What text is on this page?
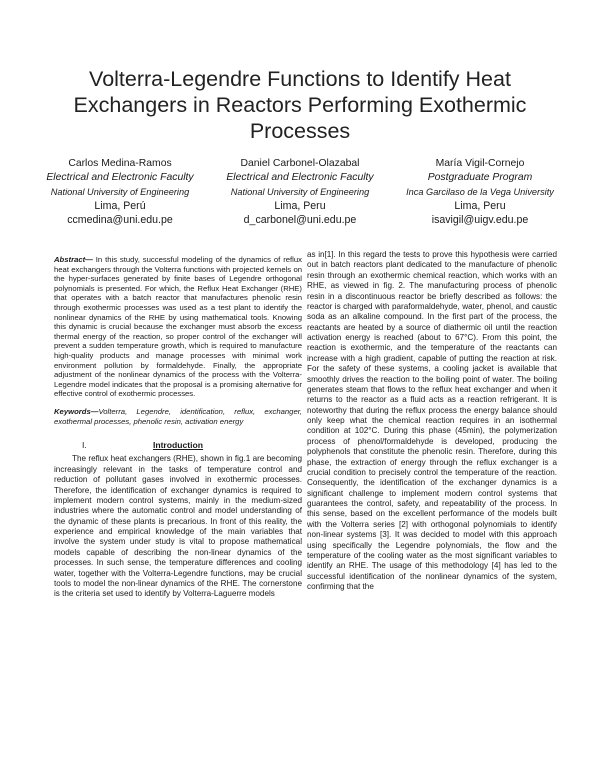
Volterra-Legendre Functions to Identify Heat Exchangers in Reactors Performing Exothermic Processes
Carlos Medina-Ramos
Electrical and Electronic Faculty
National University of Engineering
Lima, Perú
ccmedina@uni.edu.pe
Daniel Carbonel-Olazabal
Electrical and Electronic Faculty
National University of Engineering
Lima, Peru
d_carbonel@uni.edu.pe
María Vigil-Cornejo
Postgraduate Program
Inca Garcilaso de la Vega University
Lima, Peru
isavigil@uigv.edu.pe

Abstract— In this study, successful modeling of the dynamics of reflux heat exchangers through the Volterra functions with projected kernels on the hyper-surfaces generated by finite bases of Legendre orthogonal polynomials is presented. For which, the Reflux Heat Exchanger (RHE) that operates with a batch reactor that manufactures phenolic resin through exothermic processes was used as a test plant to identify the nonlinear dynamics of the RHE by using mathematical tools. Knowing this dynamic is crucial because the exchanger must absorb the excess thermal energy of the reaction, so proper control of the exchanger will prevent a sudden temperature growth, which is required to manufacture high-quality products and manage processes with minimal work environment pollution by formaldehyde. Finally, the appropriate adjustment of the nonlinear dynamics of the process with the Volterra-Legendre model indicates that the proposal is a promising alternative for effective control of exothermic processes.

Keywords—Volterra, Legendre, identification, reflux, exchanger, exothermal processes, phenolic resin, activation energy

I.	Introduction

The reflux heat exchangers (RHE), shown in fig.1 are becoming increasingly relevant in the tasks of temperature control and reduction of pollutant gases involved in exothermic processes. Therefore, the identification of exchanger dynamics is required to implement modern control systems, mainly in the medium-sized industries where the automatic control and model understanding of the dynamic of these plants is precarious. In front of this reality, the experience and empirical knowledge of the main variables that involve the system under study is vital to propose mathematical models capable of describing the non-linear dynamics of the processes. In such sense, the temperature differences and cooling water, together with the Volterra-Legendre functions, may be crucial tools to model the non-linear dynamics of the RHE. The cornerstone is the criteria set used to identify by Volterra-Laguerre models

as in[1]. In this regard the tests to prove this hypothesis were carried out in batch reactors plant dedicated to the manufacture of phenolic resin through an exothermic chemical reaction, which works with an RHE, as viewed in fig. 2. The manufacturing process of phenolic resin in a discontinuous reactor be briefly described as follows: the reactor is charged with paraformaldehyde, water, phenol, and caustic soda as an alkaline compound. In the first part of the process, the reactants are heated by a source of diathermic oil until the reaction activation energy is reached (about to 67°C). From this point, the reaction is exothermic, and the temperature of the reactants can increase with a high gradient, capable of putting the reaction at risk. For the safety of these systems, a cooling jacket is available that smoothly drives the reaction to the boiling point of water. The boiling generates steam that flows to the reflux heat exchanger and when it returns to the reactor as a fluid acts as a reaction refrigerant. It is noteworthy that during the reflux process the energy balance should only keep what the chemical reaction requires in an isothermal condition at 102°C. During this phase (45min), the polymerization process of phenol/formaldehyde is developed, producing the polyphenols that constitute the phenolic resin. Therefore, during this phase, the extraction of energy through the reflux exchanger is a crucial condition to precisely control the temperature of the reaction. Consequently, the identification of the exchanger dynamics is a significant challenge to implement modern control systems that guarantees the control, safety, and repeatability of the process. In this sense, based on the excellent performance of the models built with the Volterra series [2] with orthogonal polynomials to identify non-linear systems [3]. It was decided to model with this approach using specifically the Legendre polynomials, the flow and the temperature of the cooling water as the most significant variables to identify an RHE. The usage of this methodology [4] has led to the successful identification of the nonlinear dynamics of the system, confirming that the
